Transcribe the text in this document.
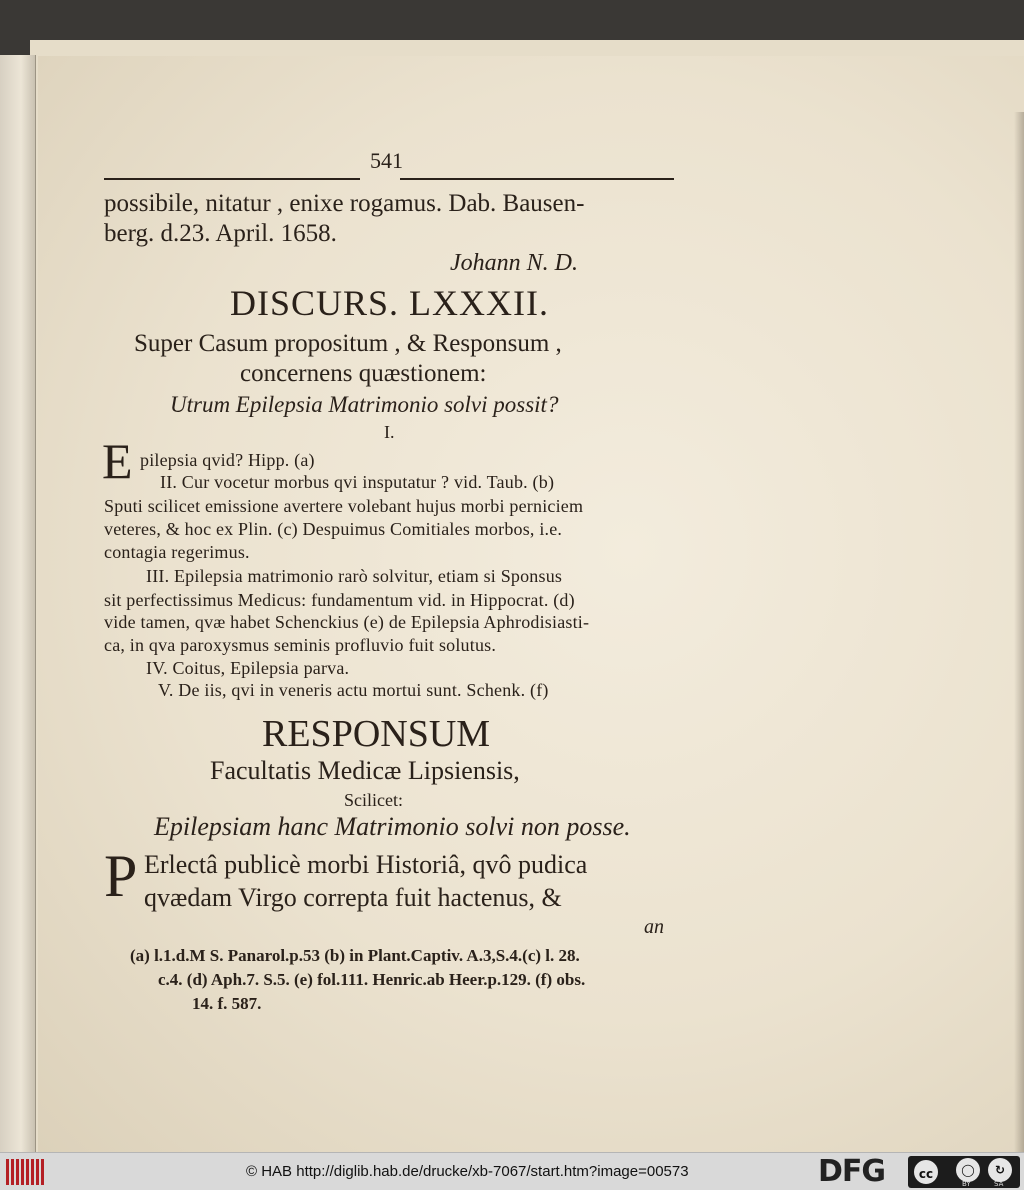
541
possibile, nitatur , enixe rogamus. Dab. Bausen-
berg. d.23. April. 1658.
Johann N. D.
DISCURS. LXXXII.
Super Casum propositum , & Responsum ,
concernens quæstionem:
Utrum Epilepsia Matrimonio solvi possit?
I.
E pilepsia qvid? Hipp. (a)
II. Cur vocetur morbus qvi insputatur ? vid. Taub. (b)
Sputi scilicet emissione avertere volebant hujus morbi perniciem
veteres, & hoc ex Plin. (c) Despuimus Comitiales morbos, i.e.
contagia regerimus.
III. Epilepsia matrimonio rarò solvitur, etiam si Sponsus
sit perfectissimus Medicus: fundamentum vid. in Hippocrat. (d)
vide tamen, qvæ habet Schenckius (e) de Epilepsia Aphrodisiasti-
ca, in qva paroxysmus seminis profluvio fuit solutus.
IV. Coitus, Epilepsia parva.
V. De iis, qvi in veneris actu mortui sunt. Schenk. (f)
RESPONSUM
Facultatis Medicæ Lipsiensis,
Scilicet:
Epilepsiam hanc Matrimonio solvi non posse.
P Erlectâ publicè morbi Historiâ, qvô pudica
qvædam Virgo correpta fuit hactenus, &
an
(a) l.1.d.M S. Panarol.p.53 (b) in Plant.Captiv. A.3,S.4.(c) l. 28.
c.4. (d) Aph.7. S.5. (e) fol.111. Henric.ab Heer.p.129. (f) obs.
14. f. 587.
© HAB http://diglib.hab.de/drucke/xb-7067/start.htm?image=00573	DFG	cc	◯	↻
BY	SA
